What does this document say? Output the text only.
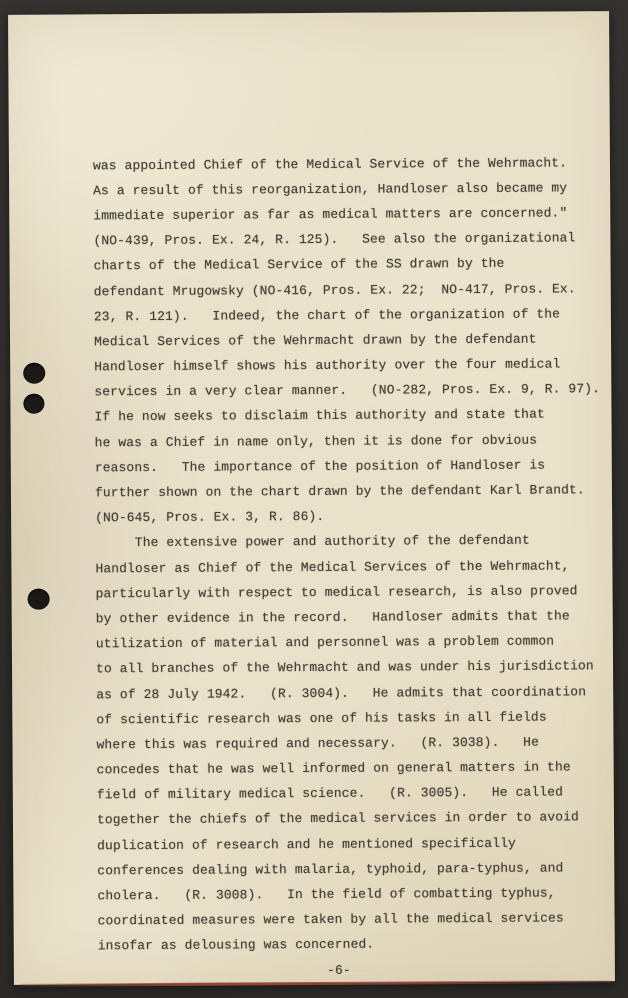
was appointed Chief of the Medical Service of the Wehrmacht.
As a result of this reorganization, Handloser also became my
immediate superior as far as medical matters are concerned."
(NO-439, Pros. Ex. 24, R. 125).   See also the organizational
charts of the Medical Service of the SS drawn by the
defendant Mrugowsky (NO-416, Pros. Ex. 22;  NO-417, Pros. Ex.
23, R. 121).   Indeed, the chart of the organization of the
Medical Services of the Wehrmacht drawn by the defendant
Handloser himself shows his authority over the four medical
services in a very clear manner.   (NO-282, Pros. Ex. 9, R. 97).
If he now seeks to disclaim this authority and state that
he was a Chief in name only, then it is done for obvious
reasons.   The importance of the position of Handloser is
further shown on the chart drawn by the defendant Karl Brandt.
(NO-645, Pros. Ex. 3, R. 86).
The extensive power and authority of the defendant
Handloser as Chief of the Medical Services of the Wehrmacht,
particularly with respect to medical research, is also proved
by other evidence in the record.   Handloser admits that the
utilization of material and personnel was a problem common
to all branches of the Wehrmacht and was under his jurisdiction
as of 28 July 1942.   (R. 3004).   He admits that coordination
of scientific research was one of his tasks in all fields
where this was required and necessary.   (R. 3038).   He
concedes that he was well informed on general matters in the
field of military medical science.   (R. 3005).   He called
together the chiefs of the medical services in order to avoid
duplication of research and he mentioned specifically
conferences dealing with malaria, typhoid, para-typhus, and
cholera.   (R. 3008).   In the field of combatting typhus,
coordinated measures were taken by all the medical services
insofar as delousing was concerned.
-6-
